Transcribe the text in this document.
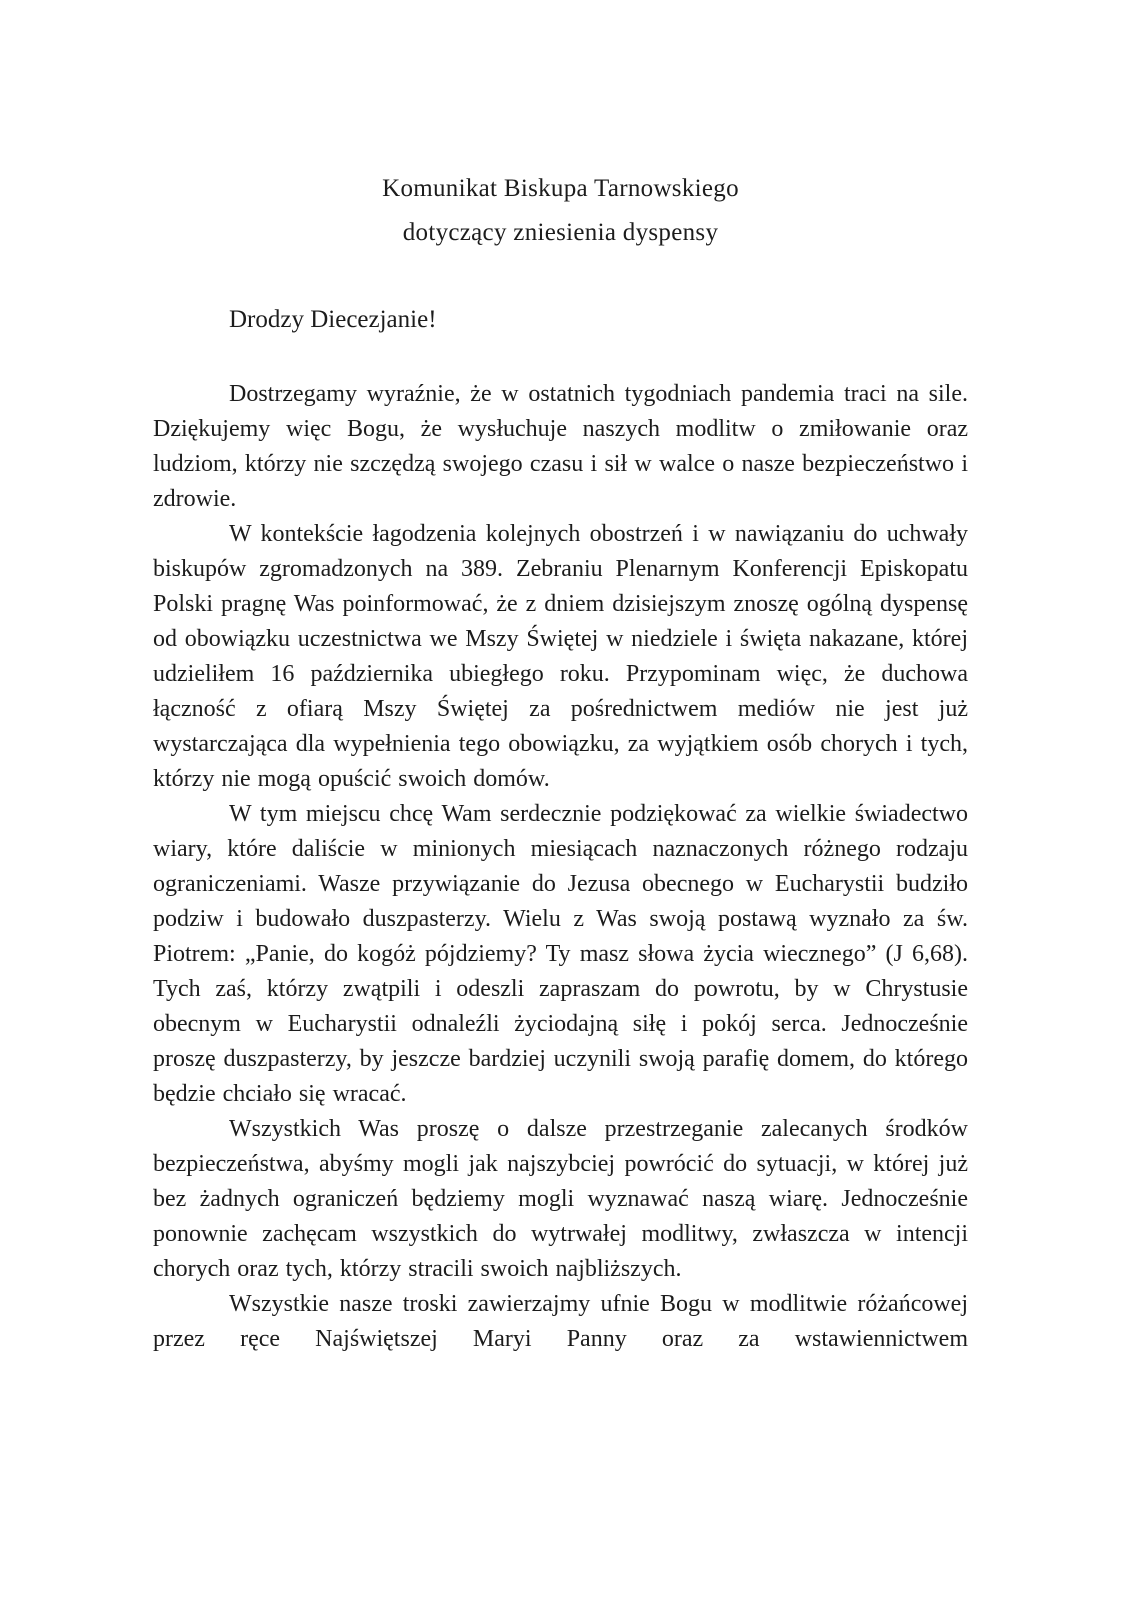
Komunikat Biskupa Tarnowskiego
dotyczący zniesienia dyspensy

Drodzy Diecezjanie!

Dostrzegamy wyraźnie, że w ostatnich tygodniach pandemia traci na sile. Dziękujemy więc Bogu, że wysłuchuje naszych modlitw o zmiłowanie oraz ludziom, którzy nie szczędzą swojego czasu i sił w walce o nasze bezpieczeństwo i zdrowie.

W kontekście łagodzenia kolejnych obostrzeń i w nawiązaniu do uchwały biskupów zgromadzonych na 389. Zebraniu Plenarnym Konferencji Episkopatu Polski pragnę Was poinformować, że z dniem dzisiejszym znoszę ogólną dyspensę od obowiązku uczestnictwa we Mszy Świętej w niedziele i święta nakazane, której udzieliłem 16 października ubiegłego roku. Przypominam więc, że duchowa łączność z ofiarą Mszy Świętej za pośrednictwem mediów nie jest już wystarczająca dla wypełnienia tego obowiązku, za wyjątkiem osób chorych i tych, którzy nie mogą opuścić swoich domów.

W tym miejscu chcę Wam serdecznie podziękować za wielkie świadectwo wiary, które daliście w minionych miesiącach naznaczonych różnego rodzaju ograniczeniami. Wasze przywiązanie do Jezusa obecnego w Eucharystii budziło podziw i budowało duszpasterzy. Wielu z Was swoją postawą wyznało za św. Piotrem: „Panie, do kogóż pójdziemy? Ty masz słowa życia wiecznego” (J 6,68). Tych zaś, którzy zwątpili i odeszli zapraszam do powrotu, by w Chrystusie obecnym w Eucharystii odnaleźli życiodajną siłę i pokój serca. Jednocześnie proszę duszpasterzy, by jeszcze bardziej uczynili swoją parafię domem, do którego będzie chciało się wracać.

Wszystkich Was proszę o dalsze przestrzeganie zalecanych środków bezpieczeństwa, abyśmy mogli jak najszybciej powrócić do sytuacji, w której już bez żadnych ograniczeń będziemy mogli wyznawać naszą wiarę. Jednocześnie ponownie zachęcam wszystkich do wytrwałej modlitwy, zwłaszcza w intencji chorych oraz tych, którzy stracili swoich najbliższych.

Wszystkie nasze troski zawierzajmy ufnie Bogu w modlitwie różańcowej przez ręce Najświętszej Maryi Panny oraz za wstawiennictwem
